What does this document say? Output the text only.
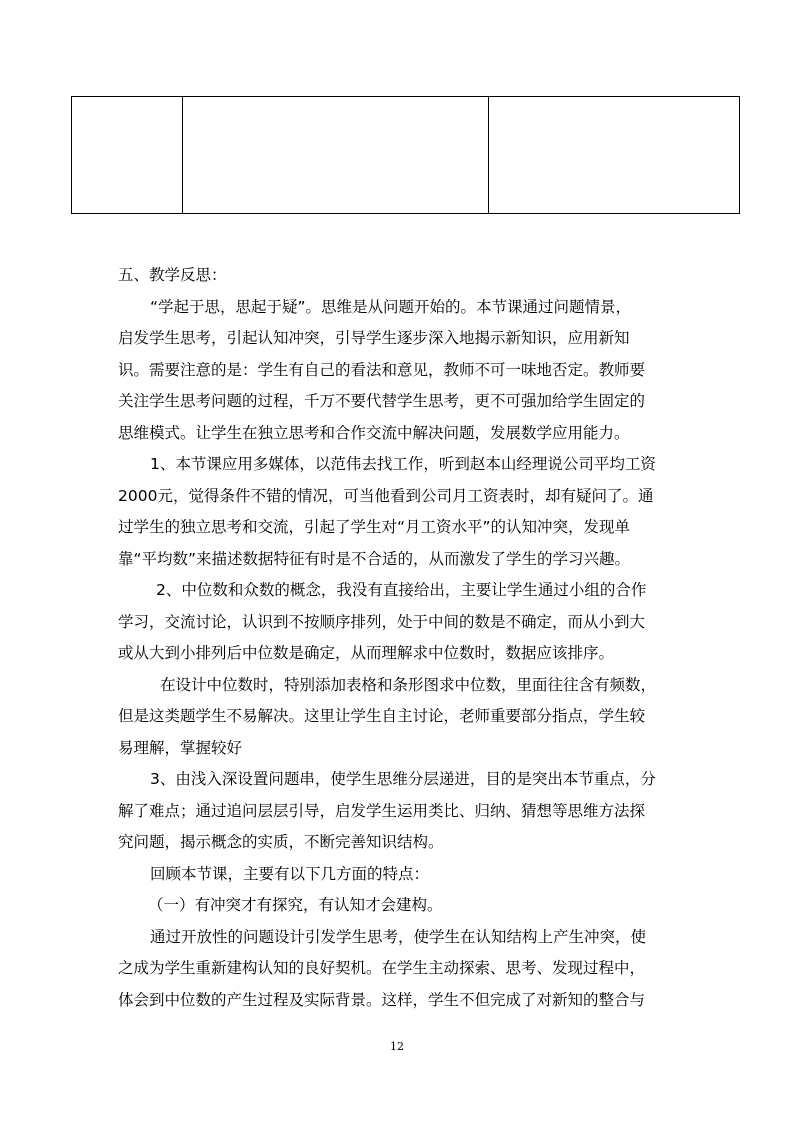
五、教学反思：
“学起于思，思起于疑”。思维是从问题开始的。本节课通过问题情景，
启发学生思考，引起认知冲突，引导学生逐步深入地揭示新知识，应用新知
识。需要注意的是：学生有自己的看法和意见，教师不可一味地否定。教师要
关注学生思考问题的过程，千万不要代替学生思考，更不可强加给学生固定的
思维模式。让学生在独立思考和合作交流中解决问题，发展数学应用能力。
1、本节课应用多媒体，以范伟去找工作，听到赵本山经理说公司平均工资
2000元，觉得条件不错的情况，可当他看到公司月工资表时，却有疑问了。通
过学生的独立思考和交流，引起了学生对“月工资水平”的认知冲突，发现单
靠“平均数”来描述数据特征有时是不合适的，从而激发了学生的学习兴趣。
2、中位数和众数的概念，我没有直接给出，主要让学生通过小组的合作
学习，交流讨论，认识到不按顺序排列，处于中间的数是不确定，而从小到大
或从大到小排列后中位数是确定，从而理解求中位数时，数据应该排序。
在设计中位数时，特别添加表格和条形图求中位数，里面往往含有频数，
但是这类题学生不易解决。这里让学生自主讨论，老师重要部分指点，学生较
易理解，掌握较好
3、由浅入深设置问题串，使学生思维分层递进，目的是突出本节重点，分
解了难点；通过追问层层引导，启发学生运用类比、归纳、猜想等思维方法探
究问题，揭示概念的实质，不断完善知识结构。
回顾本节课，主要有以下几方面的特点：
（一）有冲突才有探究，有认知才会建构。
通过开放性的问题设计引发学生思考，使学生在认知结构上产生冲突，使
之成为学生重新建构认知的良好契机。在学生主动探索、思考、发现过程中，
体会到中位数的产生过程及实际背景。这样，学生不但完成了对新知的整合与
12
